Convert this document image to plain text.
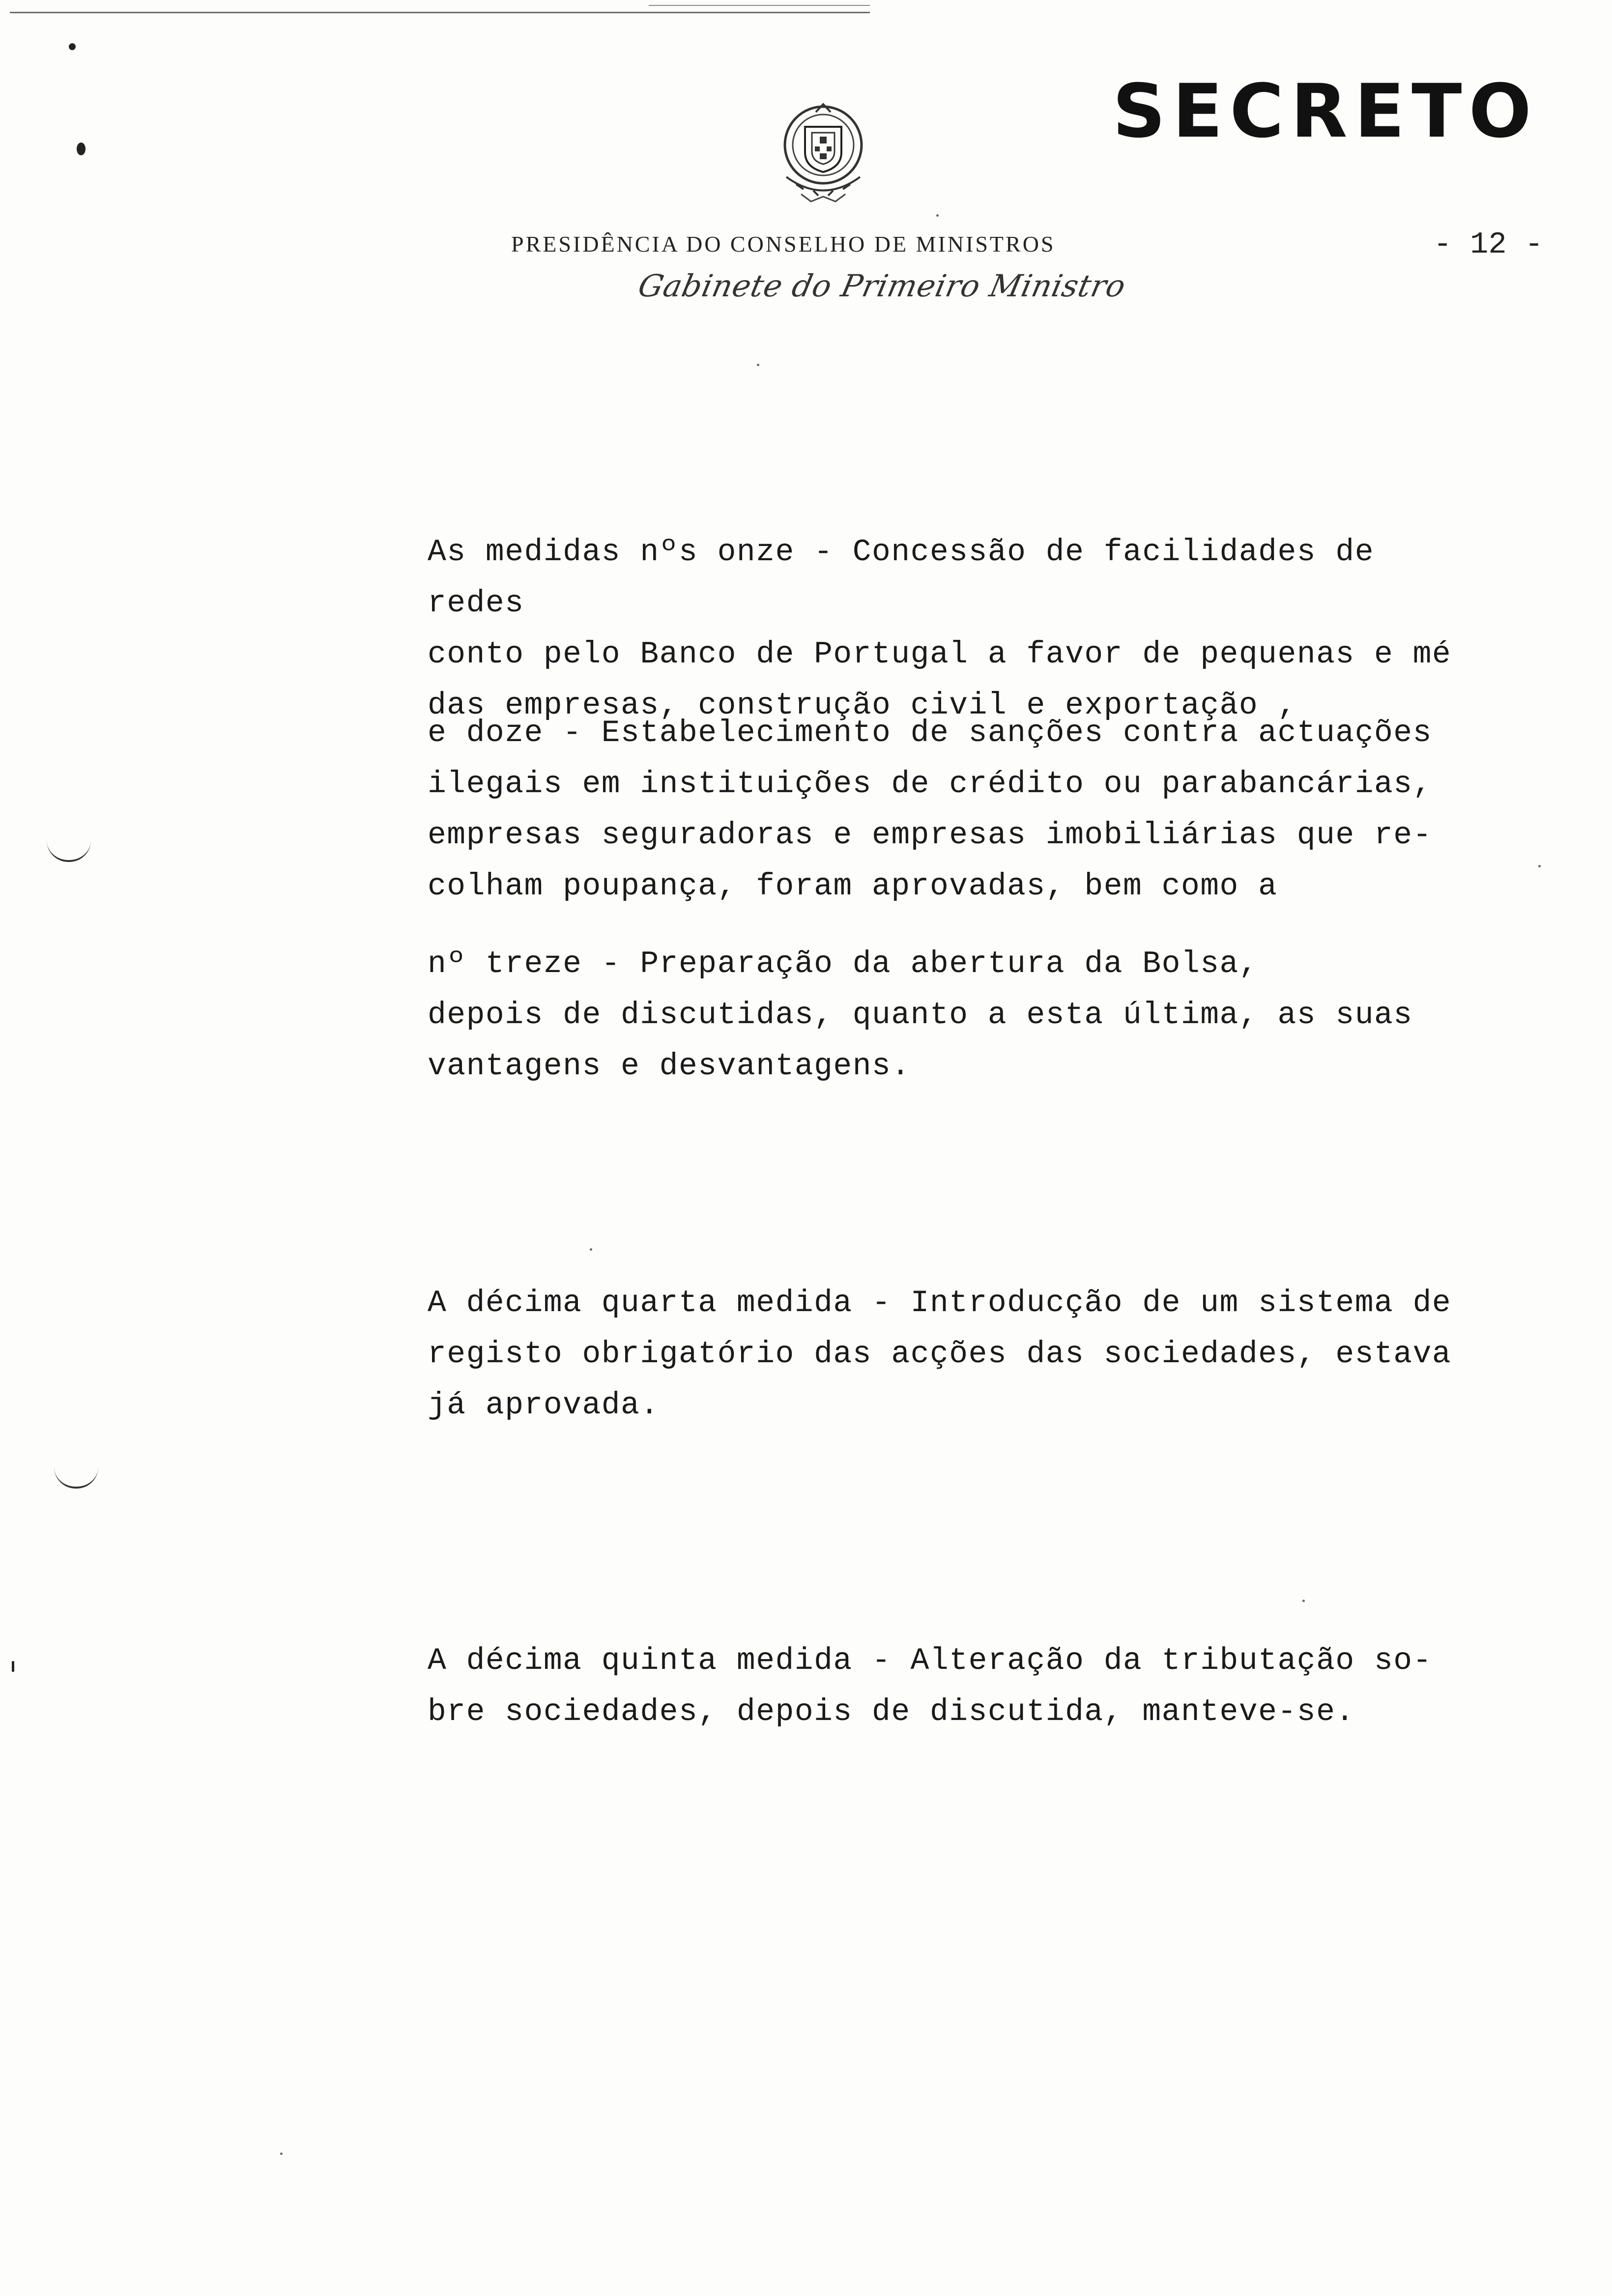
SECRETO
PRESIDÊNCIA DO CONSELHO DE MINISTROS	- 12 -
Gabinete do Primeiro Ministro
As medidas nºs onze - Concessão de facilidades de redes
conto pelo Banco de Portugal a favor de pequenas e mé
das empresas, construção civil e exportação ,
e doze - Estabelecimento de sanções contra actuações
ilegais em instituições de crédito ou parabancárias,
empresas seguradoras e empresas imobiliárias que re-
colham poupança, foram aprovadas, bem como a
nº treze - Preparação da abertura da Bolsa,
depois de discutidas, quanto a esta última, as suas
vantagens e desvantagens.
A décima quarta medida - Introducção de um sistema de
registo obrigatório das acções das sociedades, estava
já aprovada.
A décima quinta medida - Alteração da tributação so-
bre sociedades, depois de discutida, manteve-se.
